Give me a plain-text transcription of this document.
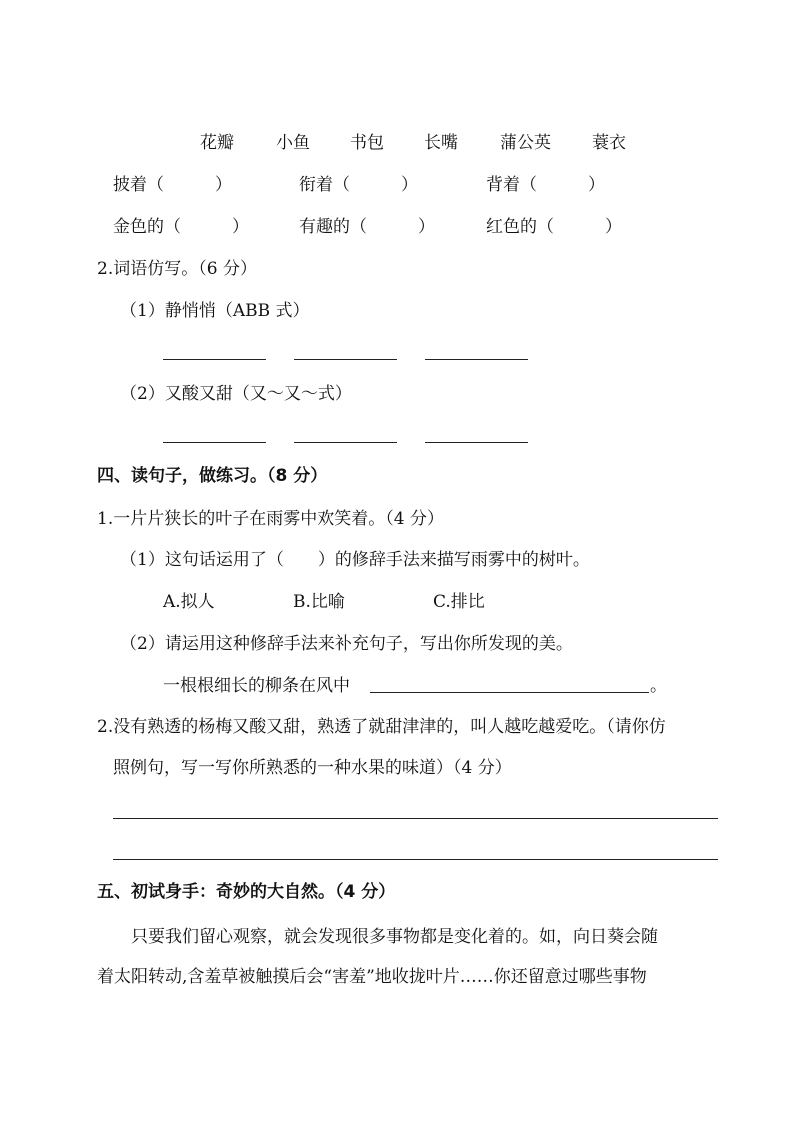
花瓣 小鱼 书包 长嘴 蒲公英 蓑衣
披着（　　　）	衔着（　　　）	背着（　　　）
金色的（　　　）	有趣的（　　　）	红色的（　　　）
2.词语仿写。（6 分）
（1）静悄悄（ABB 式）
（2）又酸又甜（又～又～式）
四、读句子，做练习。（8 分）
1.一片片狭长的叶子在雨雾中欢笑着。（4 分）
（1）这句话运用了（　　）的修辞手法来描写雨雾中的树叶。
A.拟人	B.比喻	C.排比
（2）请运用这种修辞手法来补充句子，写出你所发现的美。
一根根细长的柳条在风中	。
2.没有熟透的杨梅又酸又甜，熟透了就甜津津的，叫人越吃越爱吃。（请你仿
照例句，写一写你所熟悉的一种水果的味道）（4 分）
五、初试身手：奇妙的大自然。（4 分）
只要我们留心观察，就会发现很多事物都是变化着的。如，向日葵会随
着太阳转动,含羞草被触摸后会“害羞”地收拢叶片……你还留意过哪些事物
